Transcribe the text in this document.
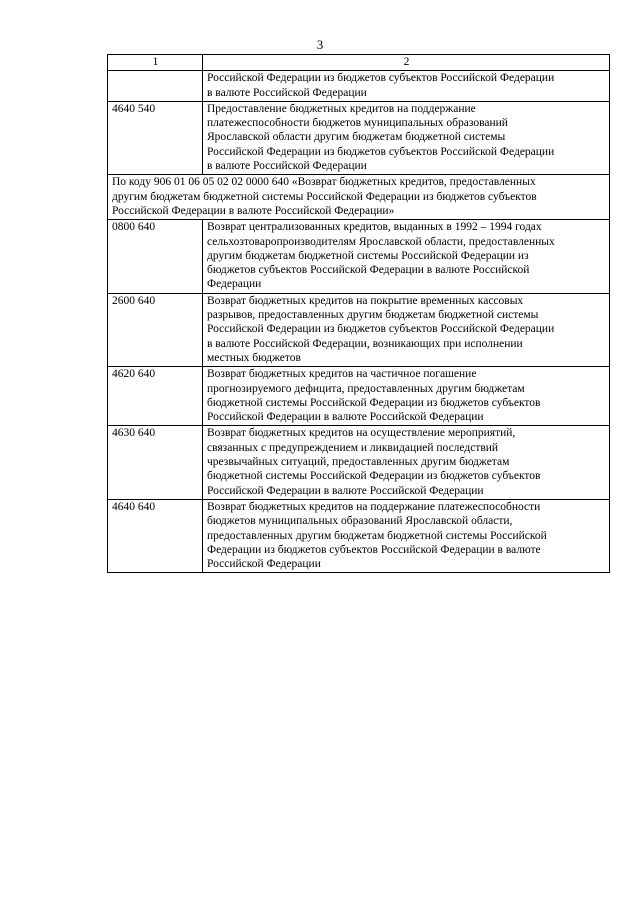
3
1	2

	Российской Федерации из бюджетов субъектов Российской Федерации
в валюте Российской Федерации

4640 540	Предоставление бюджетных кредитов на поддержание
платежеспособности бюджетов муниципальных образований
Ярославской области другим бюджетам бюджетной системы
Российской Федерации из бюджетов субъектов Российской Федерации
в валюте Российской Федерации

По коду 906 01 06 05 02 02 0000 640 «Возврат бюджетных кредитов, предоставленных
другим бюджетам бюджетной системы Российской Федерации из бюджетов субъектов
Российской Федерации в валюте Российской Федерации»	

0800 640	Возврат централизованных кредитов, выданных в 1992 – 1994 годах
сельхозтоваропроизводителям Ярославской области, предоставленных
другим бюджетам бюджетной системы Российской Федерации из
бюджетов субъектов Российской Федерации в валюте Российской
Федерации

2600 640	Возврат бюджетных кредитов на покрытие временных кассовых
разрывов, предоставленных другим бюджетам бюджетной системы
Российской Федерации из бюджетов субъектов Российской Федерации
в валюте Российской Федерации, возникающих при исполнении
местных бюджетов

4620 640	Возврат бюджетных кредитов на частичное погашение
прогнозируемого дефицита, предоставленных другим бюджетам
бюджетной системы Российской Федерации из бюджетов субъектов
Российской Федерации в валюте Российской Федерации

4630 640	Возврат бюджетных кредитов на осуществление мероприятий,
связанных с предупреждением и ликвидацией последствий
чрезвычайных ситуаций, предоставленных другим бюджетам
бюджетной системы Российской Федерации из бюджетов субъектов
Российской Федерации в валюте Российской Федерации

4640 640	Возврат бюджетных кредитов на поддержание платежеспособности
бюджетов муниципальных образований Ярославской области,
предоставленных другим бюджетам бюджетной системы Российской
Федерации из бюджетов субъектов Российской Федерации в валюте
Российской Федерации
